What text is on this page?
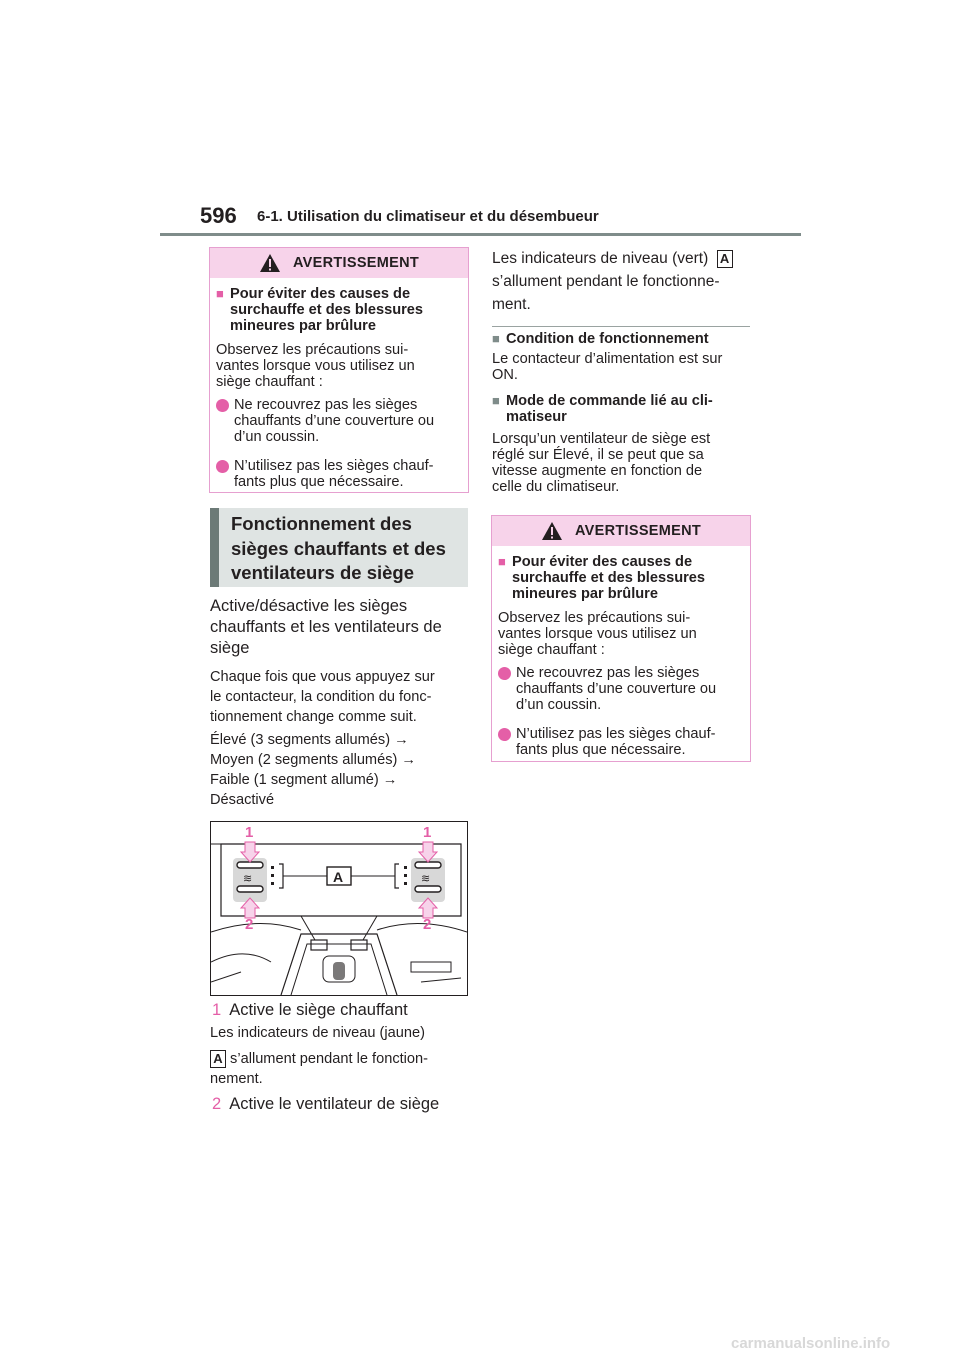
596 6-1. Utilisation du climatiseur et du désembueur
AVERTISSEMENT
■ Pour éviter des causes de
surchauffe et des blessures
mineures par brûlure
Observez les précautions sui-
vantes lorsque vous utilisez un
siège chauffant :
Ne recouvrez pas les sièges
chauffants d’une couverture ou
d’un coussin.
N’utilisez pas les sièges chauf-
fants plus que nécessaire.
Fonctionnement des
sièges chauffants et des
ventilateurs de siège
Active/désactive les sièges
chauffants et les ventilateurs de
siège
Chaque fois que vous appuyez sur
le contacteur, la condition du fonc-
tionnement change comme suit.
Élevé (3 segments allumés) →
Moyen (2 segments allumés) →
Faible (1 segment allumé) →
Désactivé
≋	≋
1	1
2	2
A
1 Active le siège chauffant
Les indicateurs de niveau (jaune)
A s’allument pendant le fonction-
nement.
2 Active le ventilateur de siège
Les indicateurs de niveau (vert) A
s’allument pendant le fonctionne-
ment.
■ Condition de fonctionnement
Le contacteur d’alimentation est sur
ON.
■ Mode de commande lié au cli-
matiseur
Lorsqu’un ventilateur de siège est
réglé sur Élevé, il se peut que sa
vitesse augmente en fonction de
celle du climatiseur.
AVERTISSEMENT
■ Pour éviter des causes de
surchauffe et des blessures
mineures par brûlure
Observez les précautions sui-
vantes lorsque vous utilisez un
siège chauffant :
Ne recouvrez pas les sièges
chauffants d’une couverture ou
d’un coussin.
N’utilisez pas les sièges chauf-
fants plus que nécessaire.
carmanualsonline.info
